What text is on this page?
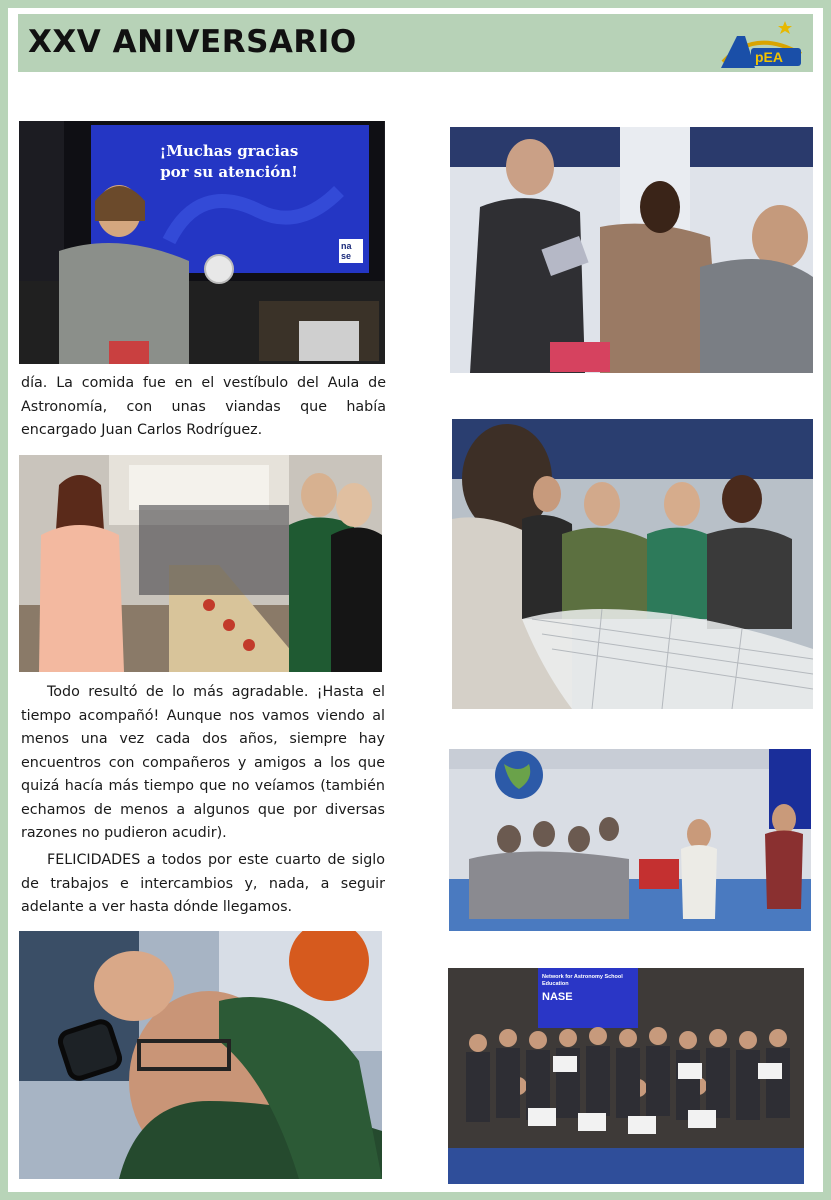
XXV ANIVERSARIO	pEA
¡Muchas gracias
por su atención!
na se

día. La comida fue en el vestíbulo del Aula de Astronomía, con unas viandas que había encargado Juan Carlos Rodríguez.

Todo resultó de lo más agradable. ¡Hasta el tiempo acompañó! Aunque nos vamos viendo al menos una vez cada dos años, siempre hay encuentros con compañeros y amigos a los que quizá hacía más tiempo que no veíamos (también echamos de menos a algunos que por diversas razones no pudieron acudir).

FELICIDADES a todos por este cuarto de siglo de trabajos e intercambios y, nada, a seguir adelante a ver hasta dónde llegamos.

Network for Astronomy School Education
NASE
